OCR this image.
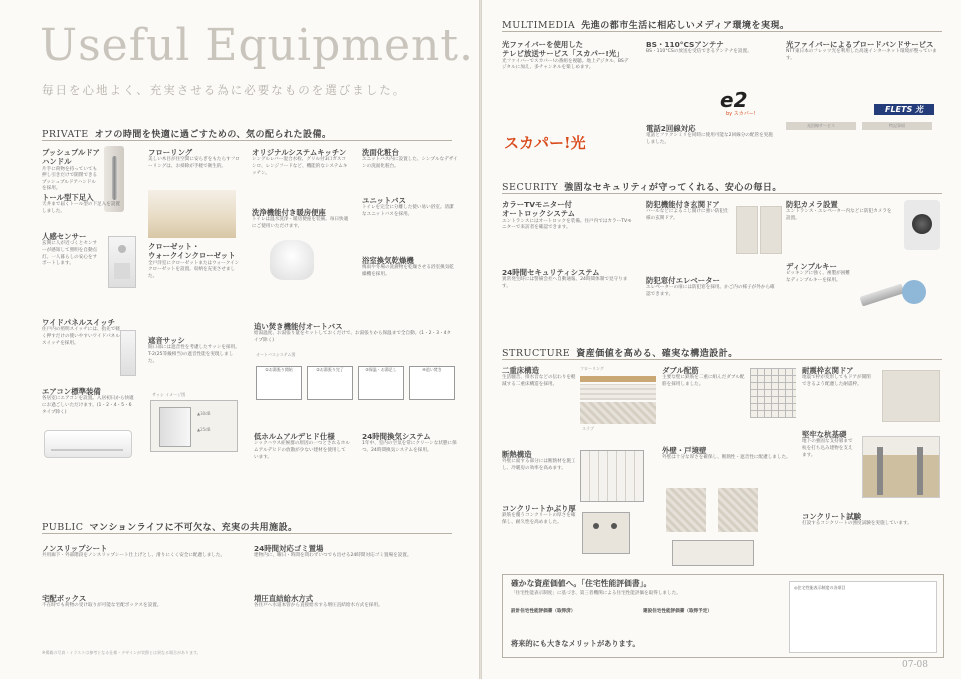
Useful Equipment.
毎日を心地よく、充実させる為に必要なものを選びました。
PRIVATE オフの時間を快適に過ごすための、気の配られた設備。
プッシュプルドア
ハンドル
片手に荷物を持っていても押し引きだけで開閉できるプッシュプルドアハンドルを採用。
トール型下足入
天井まで届くトール型の下足入を設置しました。
人感センサー
玄関に人が近づくとセンサーが感知して照明を自動点灯。一人暮らしの安心をサポートします。
ワイドパネルスイッチ
住戸内の照明スイッチには、指先で軽く押すだけの使いやすいワイドパネルスイッチを採用。
エアコン標準装備
各居室にエアコンを設置。入居初日から快適にお過ごしいただけます。(1・2・4・5・6タイプ除く)
フローリング
美しい木目が住空間に安らぎをもたらすフローリングは、お掃除が手軽で衛生的。
クローゼット・
ウォークインクローゼット
全戸洋室にクローゼットまたはウォークインクローゼットを設置。収納を充実させました。
遮音サッシ
開口部には遮音性を考慮したサッシを採用。T-2(25等級相当)の遮音性能を実現しました。
サッシ イメージ図
▲30dB
▲25dB
オリジナルシステムキッチン
シングルレバー混合水栓、グリル付3口ガスコンロ、レンジフードなど、機能的なシステムキッチン。
洗浄機能付き暖房便座
トイレは温水洗浄・暖房便座を装備。毎日快適にご使用いただけます。
洗面化粧台
ユニットバス内に設置した、シンプルなデザインの洗面化粧台。
ユニットバス
トイレを完全に分離した使い易い浴室。清潔なユニットバスを採用。
浴室換気乾燥機
梅雨や冬場の洗濯物を乾燥させる浴室換気乾燥機を採用。
追い焚き機能付オートバス
給湯温度、お湯張り量をセットしておくだけで、お湯張りから保温まで全自動。(1・2・3・4タイプ除く)
オートバスシステム図
①お湯張り開始	②お湯張り完了	③保温・お湯足し	④追い焚き
低ホルムアルデヒド仕様
シックハウス症候群の原因の一つとされるホルムアルデヒドの放散が少ない建材を使用しています。
24時間換気システム
1年中、室内の空気を常にクリーンな状態に保つ、24時間換気システムを採用。
PUBLIC マンションライフに不可欠な、充実の共用施設。
ノンスリップシート
共用廊下・外部階段をノンスリップシート仕上げとし、滑りにくく安全に配慮しました。
24時間対応ゴミ置場
建物内に、曜日・時間を問わずいつでも出せる24時間対応ゴミ置場を設置。
宅配ボックス
不在時でも荷物の受け取りが可能な宅配ボックスを設置。
増圧直結給水方式
各住戸へ水道本管から直接給水する増圧直結給水方式を採用。
※掲載の写真・イラストは参考となる仕様・デザインが実際とは異なる場合があります。
MULTIMEDIA 先進の都市生活に相応しいメディア環境を実現。
光ファイバーを使用した
テレビ放送サービス「スカパー!光」
光ファイバーでスカパー!の番組を視聴。地上デジタル、BSデジタルに加え、多チャンネルを楽しめます。
スカパー!光
BS・110°CSアンテナ
BS・110°CSの放送を受信できるアンテナを設置。
e2
by スカパー!
電話2回線対応
電話とファクシミリを同時に使用可能な2回線分の配管を実施しました。
光ファイバーによるブロードバンドサービス
NTT東日本のフレッツ光を利用した高速インターネット環境が整っています。
FLETS 光
光回線サービス	特記事項
SECURITY 強固なセキュリティが守ってくれる、安心の毎日。
カラーTVモニター付
オートロックシステム
エントランスにはオートロックを装備。住戸内ではカラーTVモニターで来訪者を確認できます。
24時間セキュリティシステム
異常発生時には警備会社へ自動通報。24時間体制で見守ります。
防犯機能付き玄関ドア
バールなどによるこじ開けに強い防犯仕様の玄関ドア。
防犯窓付エレベーター
エレベーターの扉には防犯窓を採用。かご内の様子が外から確認できます。
防犯カメラ設置
エントランス・エレベーター内などに防犯カメラを設置。
ディンプルキー
ピッキングに強く、複製が困難なディンプルキーを採用。
STRUCTURE 資産価値を高める、確実な構造設計。
二重床構造
生活騒音、排水音などの伝わりを軽減する二重床構造を採用。
フローリング
スラブ
断熱構造
外壁に面する部分には断熱材を施工し、冷暖房の効率を高めます。
コンクリートかぶり厚
鉄筋を覆うコンクリートの厚さを確保し、耐久性を高めました。
ダブル配筋
主要な壁に鉄筋を二重に組んだダブル配筋を採用しました。
外壁・戸境壁
外壁は十分な厚さを確保し、断熱性・遮音性に配慮しました。
耐震枠玄関ドア
地震で枠が変形してもドアが開閉できるよう配慮した耐震枠。
堅牢な杭基礎
地下の強固な支持層まで杭を打ち込み建物を支えます。
コンクリート試験
打設するコンクリートの強度試験を実施しています。
確かな資産価値へ。「住宅性能評価書」。
「住宅性能表示制度」に基づき、第三者機関による住宅性能評価を取得しました。
設計住宅性能評価書（取得済）	建設住宅性能評価書（取得予定）
将来的にも大きなメリットがあります。
◎住宅性能表示制度の各項目
07-08
